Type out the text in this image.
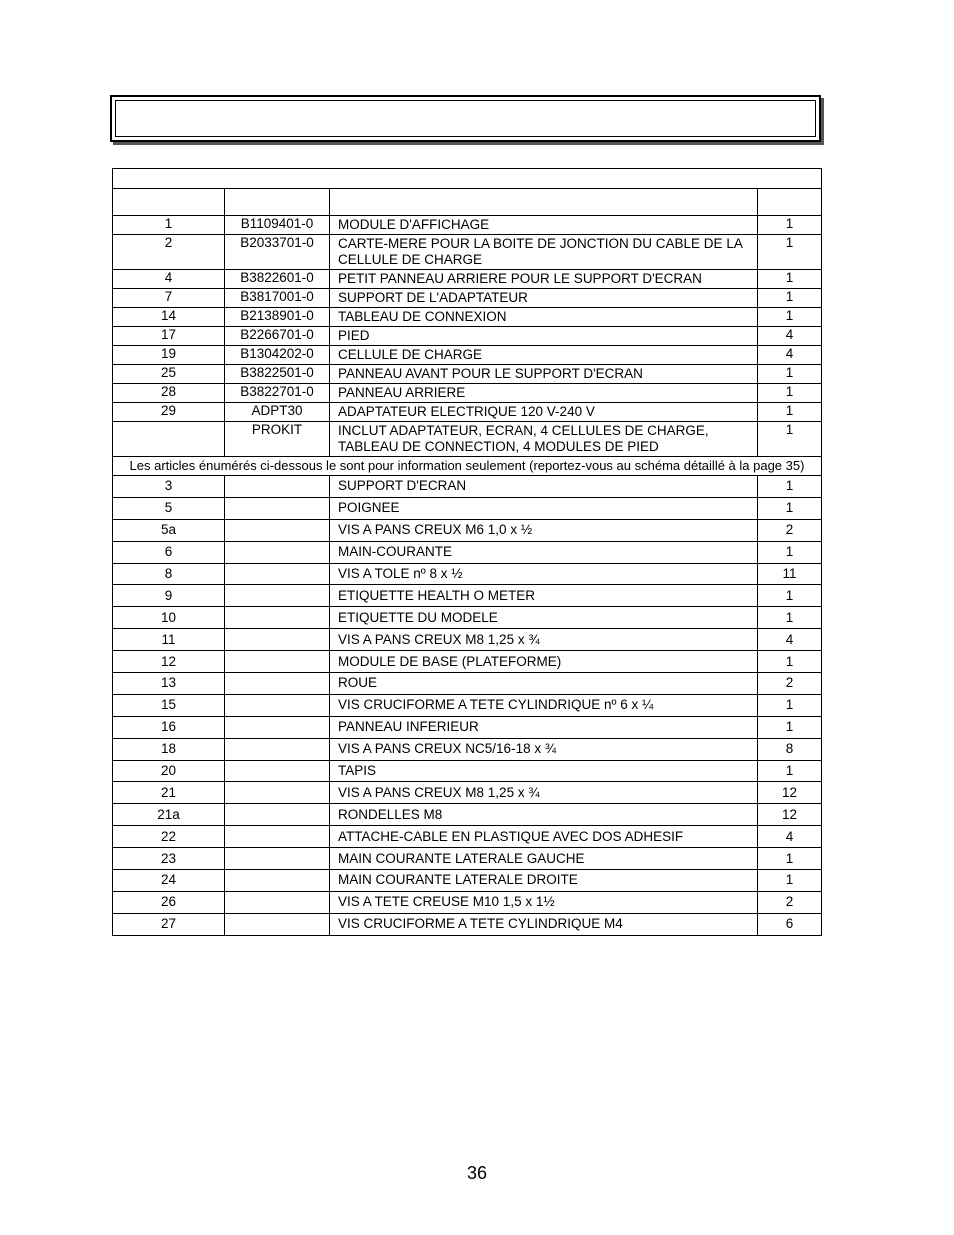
1	B1109401-0	MODULE D'AFFICHAGE	1
2	B2033701-0	CARTE-MERE POUR LA BOITE DE JONCTION DU CABLE DE LA CELLULE DE CHARGE	1
4	B3822601-0	PETIT PANNEAU ARRIERE POUR LE SUPPORT D'ECRAN	1
7	B3817001-0	SUPPORT DE L'ADAPTATEUR	1
14	B2138901-0	TABLEAU DE CONNEXION	1
17	B2266701-0	PIED	4
19	B1304202-0	CELLULE DE CHARGE	4
25	B3822501-0	PANNEAU AVANT POUR LE SUPPORT D'ECRAN	1
28	B3822701-0	PANNEAU ARRIERE	1
29	ADPT30	ADAPTATEUR ELECTRIQUE 120 V-240 V	1
	PROKIT	INCLUT ADAPTATEUR, ECRAN, 4 CELLULES DE CHARGE, TABLEAU DE CONNECTION, 4 MODULES DE PIED	1
Les articles énumérés ci-dessous le sont pour information seulement (reportez-vous au schéma détaillé à la page 35)			
3		SUPPORT D'ECRAN	1
5		POIGNEE	1
5a		VIS A PANS CREUX M6 1,0 x ½	2
6		MAIN-COURANTE	1
8		VIS A TOLE nº 8 x ½	11
9		ETIQUETTE HEALTH O METER	1
10		ETIQUETTE DU MODELE	1
11		VIS A PANS CREUX M8 1,25 x ¾	4
12		MODULE DE BASE (PLATEFORME)	1
13		ROUE	2
15		VIS CRUCIFORME A TETE CYLINDRIQUE nº 6 x ¼	1
16		PANNEAU INFERIEUR	1
18		VIS A PANS CREUX NC5/16-18 x ¾	8
20		TAPIS	1
21		VIS A PANS CREUX M8 1,25 x ¾	12
21a		RONDELLES M8	12
22		ATTACHE-CABLE EN PLASTIQUE AVEC DOS ADHESIF	4
23		MAIN COURANTE LATERALE GAUCHE	1
24		MAIN COURANTE LATERALE DROITE	1
26		VIS A TETE CREUSE M10 1,5 x 1½	2
27		VIS CRUCIFORME A TETE CYLINDRIQUE M4	6
36
